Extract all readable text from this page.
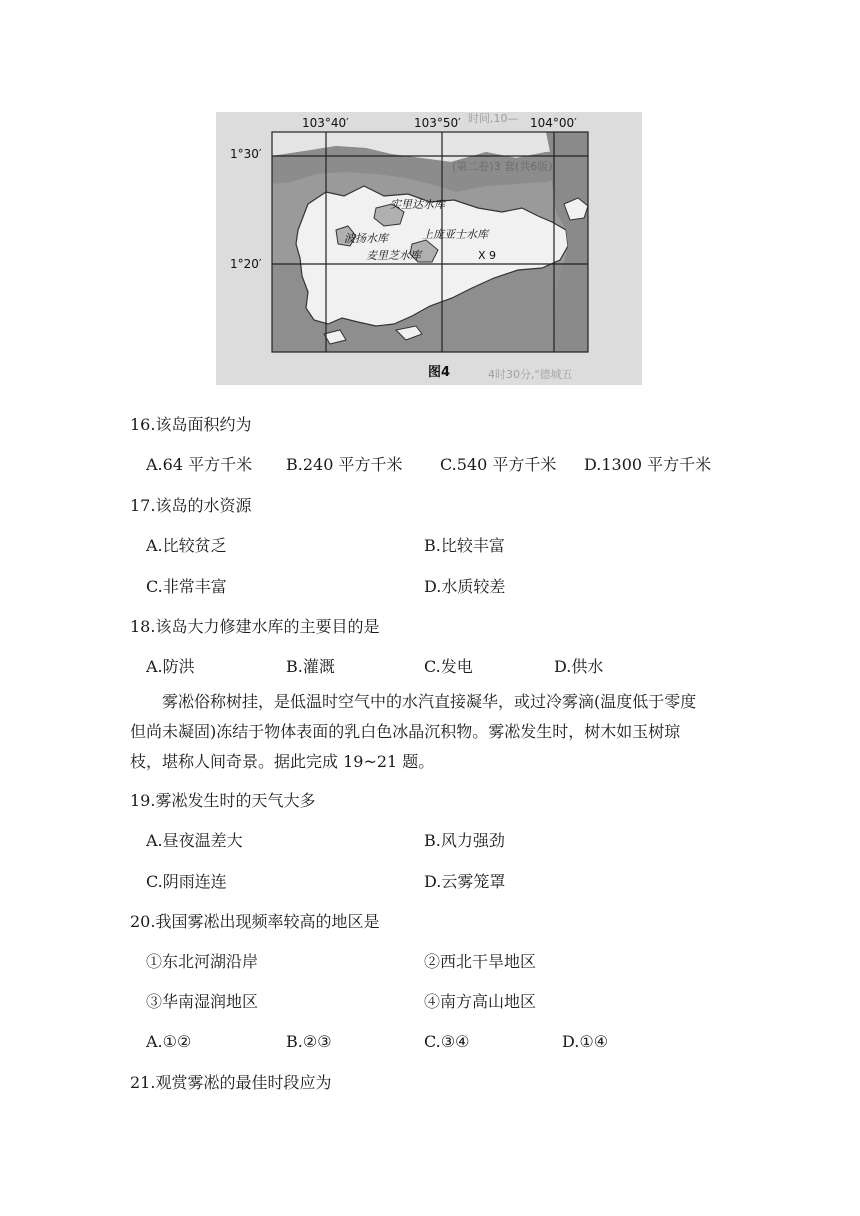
时间,10—
(第二卷)3 套(共6版)
4时30分,"德城五
103°40′	103°50′	104°00′
1°30′
1°20′
实里达水库
波扬水库	上庞亚士水库
麦里芝水库	X 9
图4
16.该岛面积约为
A.64 平方千米 B.240 平方千米 C.540 平方千米 D.1300 平方千米
17.该岛的水资源
A.比较贫乏	B.比较丰富
C.非常丰富	D.水质较差
18.该岛大力修建水库的主要目的是
A.防洪	B.灌溉	C.发电	D.供水
雾凇俗称树挂，是低温时空气中的水汽直接凝华，或过冷雾滴(温度低于零度
但尚未凝固)冻结于物体表面的乳白色冰晶沉积物。雾凇发生时，树木如玉树琼
枝，堪称人间奇景。据此完成 19~21 题。
19.雾凇发生时的天气大多
A.昼夜温差大	B.风力强劲
C.阴雨连连	D.云雾笼罩
20.我国雾凇出现频率较高的地区是
①东北河湖沿岸	②西北干旱地区
③华南湿润地区	④南方高山地区
A.①②	B.②③	C.③④	D.①④
21.观赏雾凇的最佳时段应为
